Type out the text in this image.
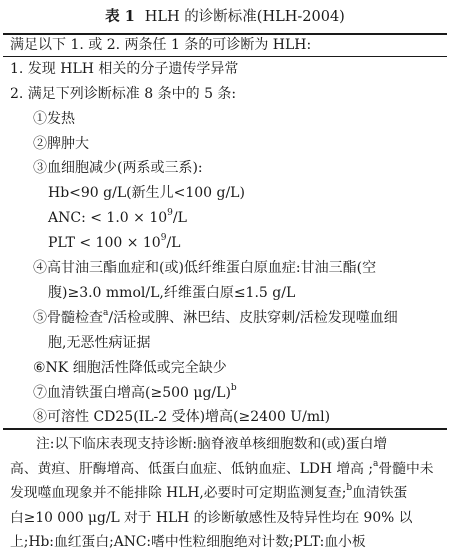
表 1 HLH 的诊断标准(HLH-2004)
满足以下 1. 或 2. 两条任 1 条的可诊断为 HLH:
1. 发现 HLH 相关的分子遗传学异常
2. 满足下列诊断标准 8 条中的 5 条:
①发热
②脾肿大
③血细胞减少(两系或三系):
Hb<90 g/L(新生儿<100 g/L)
ANC: < $1.0 \times 10^9/L$
PLT < $100 \times 10^9/L$
④高甘油三酯血症和(或)低纤维蛋白原血症:甘油三酯(空
腹)≥3.0 mmol/L,纤维蛋白原≤1.5 g/L
⑤骨髓检查$^a$/活检或脾、淋巴结、皮肤穿刺/活检发现噬血细
胞,无恶性病证据
⑥NK 细胞活性降低或完全缺少
⑦血清铁蛋白增高(≥500 μg/L)$^b$
⑧可溶性 CD25(IL-2 受体)增高(≥2400 U/ml)
注:以下临床表现支持诊断:脑脊液单核细胞数和(或)蛋白增
高、黄疸、肝酶增高、低蛋白血症、低钠血症、LDH 增高 ;$^a$骨髓中未
发现噬血现象并不能排除 HLH,必要时可定期监测复查;$^b$血清铁蛋
白≥10 000 μg/L 对于 HLH 的诊断敏感性及特异性均在 90% 以
上;Hb:血红蛋白;ANC:嗜中性粒细胞绝对计数;PLT:血小板
